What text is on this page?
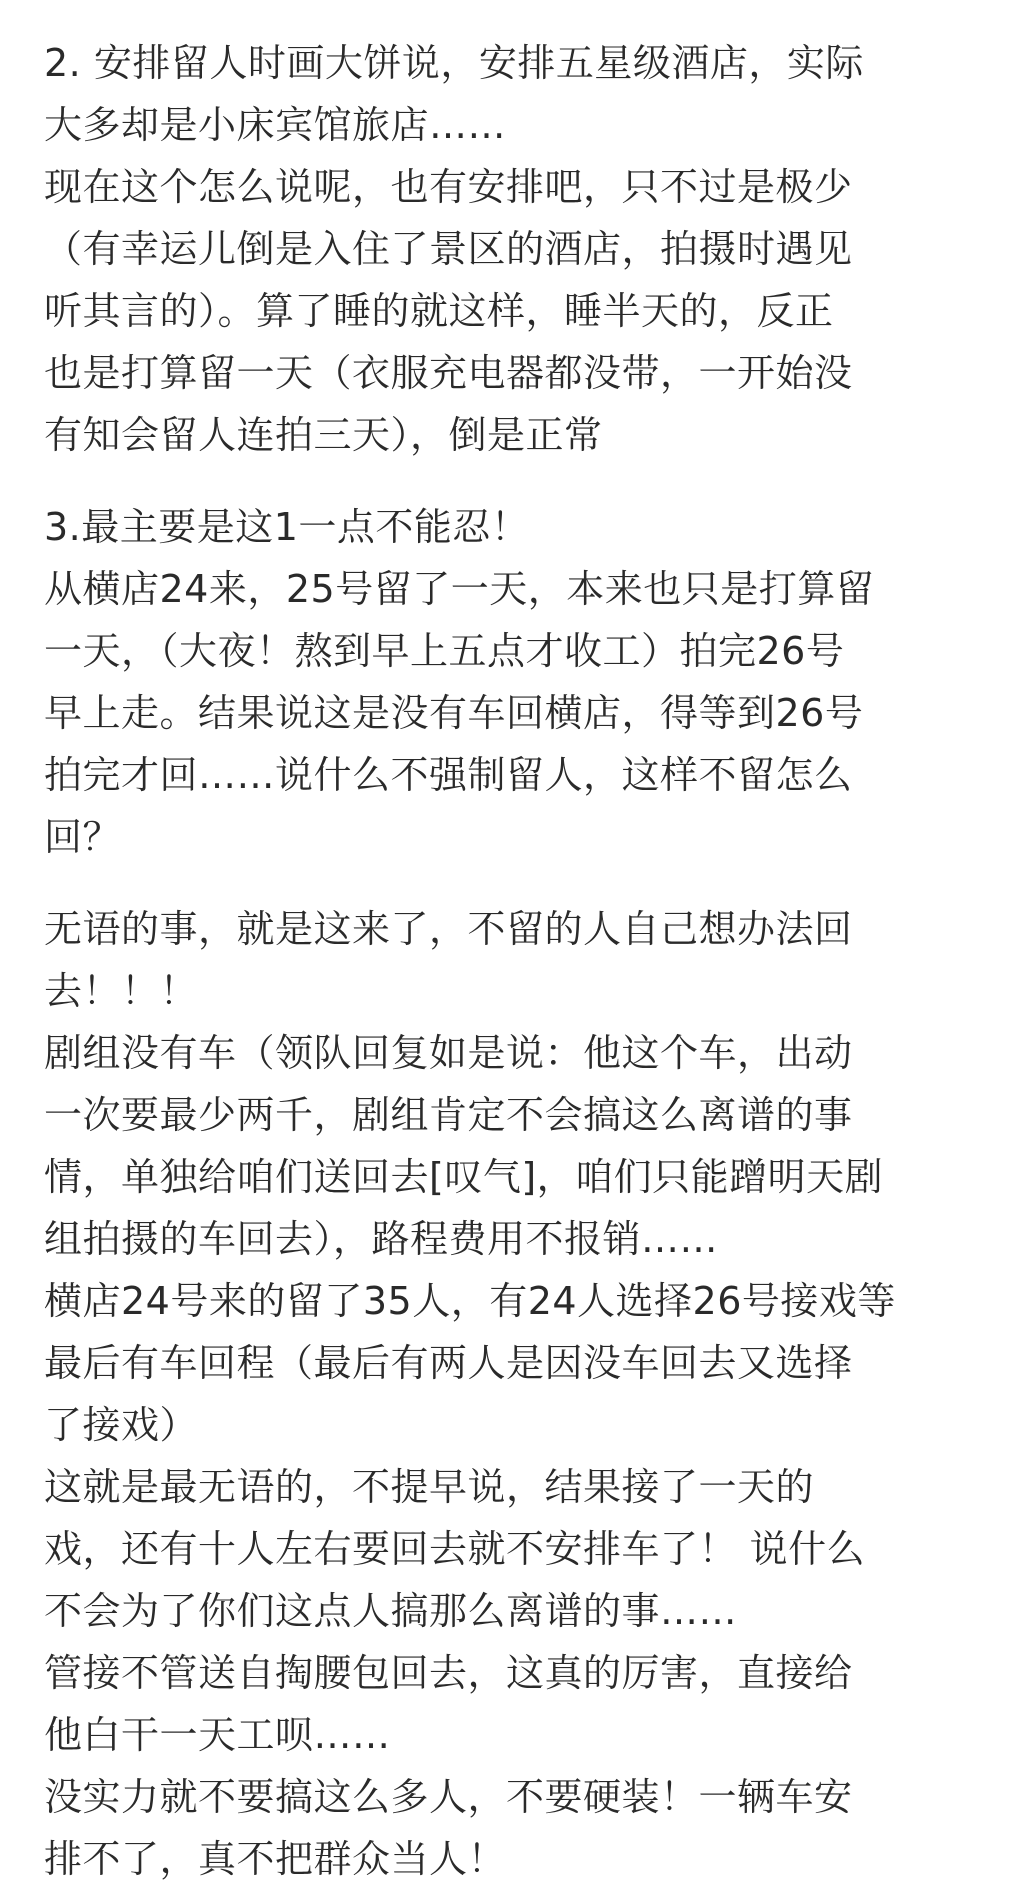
2. 安排留人时画大饼说，安排五星级酒店，实际
大多却是小床宾馆旅店……
现在这个怎么说呢，也有安排吧，只不过是极少
（有幸运儿倒是入住了景区的酒店，拍摄时遇见
听其言的）。算了睡的就这样，睡半天的，反正
也是打算留一天（衣服充电器都没带，一开始没
有知会留人连拍三天），倒是正常
3.最主要是这1一点不能忍！
从横店24来，25号留了一天，本来也只是打算留
一天，（大夜！熬到早上五点才收工）拍完26号
早上走。结果说这是没有车回横店，得等到26号
拍完才回……说什么不强制留人，这样不留怎么
回？
无语的事，就是这来了，不留的人自己想办法回
去！！！
剧组没有车（领队回复如是说：他这个车，出动
一次要最少两千，剧组肯定不会搞这么离谱的事
情，单独给咱们送回去[叹气]，咱们只能蹭明天剧
组拍摄的车回去），路程费用不报销……
横店24号来的留了35人，有24人选择26号接戏等
最后有车回程（最后有两人是因没车回去又选择
了接戏）
这就是最无语的，不提早说，结果接了一天的
戏，还有十人左右要回去就不安排车了！ 说什么
不会为了你们这点人搞那么离谱的事……
管接不管送自掏腰包回去，这真的厉害，直接给
他白干一天工呗……
没实力就不要搞这么多人，不要硬装！一辆车安
排不了，真不把群众当人！
